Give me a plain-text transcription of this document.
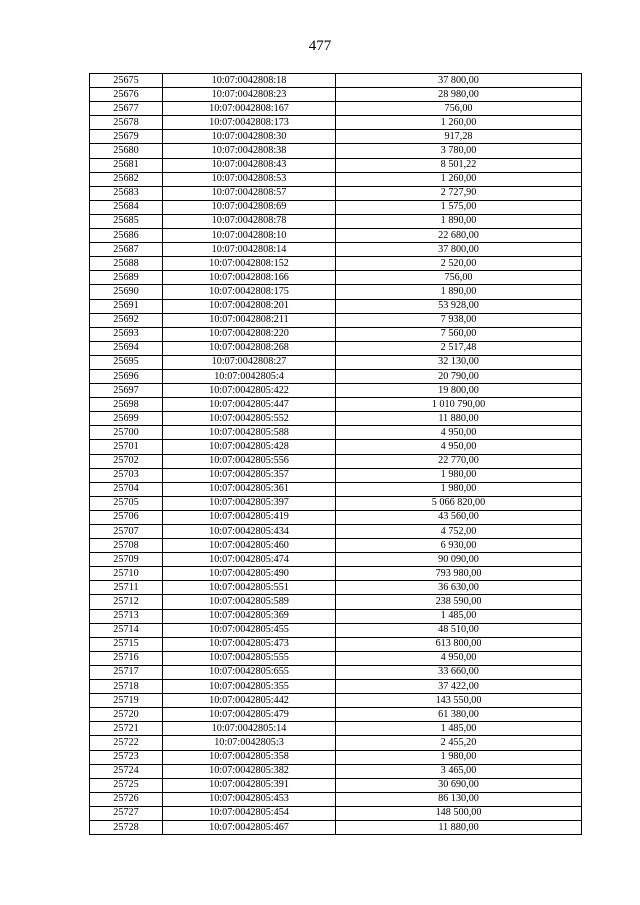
477
25675	10:07:0042808:18	37 800,00
25676	10:07:0042808:23	28 980,00
25677	10:07:0042808:167	756,00
25678	10:07:0042808:173	1 260,00
25679	10:07:0042808:30	917,28
25680	10:07:0042808:38	3 780,00
25681	10:07:0042808:43	8 501,22
25682	10:07:0042808:53	1 260,00
25683	10:07:0042808:57	2 727,90
25684	10:07:0042808:69	1 575,00
25685	10:07:0042808:78	1 890,00
25686	10:07:0042808:10	22 680,00
25687	10:07:0042808:14	37 800,00
25688	10:07:0042808:152	2 520,00
25689	10:07:0042808:166	756,00
25690	10:07:0042808:175	1 890,00
25691	10:07:0042808:201	53 928,00
25692	10:07:0042808:211	7 938,00
25693	10:07:0042808:220	7 560,00
25694	10:07:0042808:268	2 517,48
25695	10:07:0042808:27	32 130,00
25696	10:07:0042805:4	20 790,00
25697	10:07:0042805:422	19 800,00
25698	10:07:0042805:447	1 010 790,00
25699	10:07:0042805:552	11 880,00
25700	10:07:0042805:588	4 950,00
25701	10:07:0042805:428	4 950,00
25702	10:07:0042805:556	22 770,00
25703	10:07:0042805:357	1 980,00
25704	10:07:0042805:361	1 980,00
25705	10:07:0042805:397	5 066 820,00
25706	10:07:0042805:419	43 560,00
25707	10:07:0042805:434	4 752,00
25708	10:07:0042805:460	6 930,00
25709	10:07:0042805:474	90 090,00
25710	10:07:0042805:490	793 980,00
25711	10:07:0042805:551	36 630,00
25712	10:07:0042805:589	238 590,00
25713	10:07:0042805:369	1 485,00
25714	10:07:0042805:455	48 510,00
25715	10:07:0042805:473	613 800,00
25716	10:07:0042805:555	4 950,00
25717	10:07:0042805:655	33 660,00
25718	10:07:0042805:355	37 422,00
25719	10:07:0042805:442	143 550,00
25720	10:07:0042805:479	61 380,00
25721	10:07:0042805:14	1 485,00
25722	10:07:0042805:3	2 455,20
25723	10:07:0042805:358	1 980,00
25724	10:07:0042805:382	3 465,00
25725	10:07:0042805:391	30 690,00
25726	10:07:0042805:453	86 130,00
25727	10:07:0042805:454	148 500,00
25728	10:07:0042805:467	11 880,00
